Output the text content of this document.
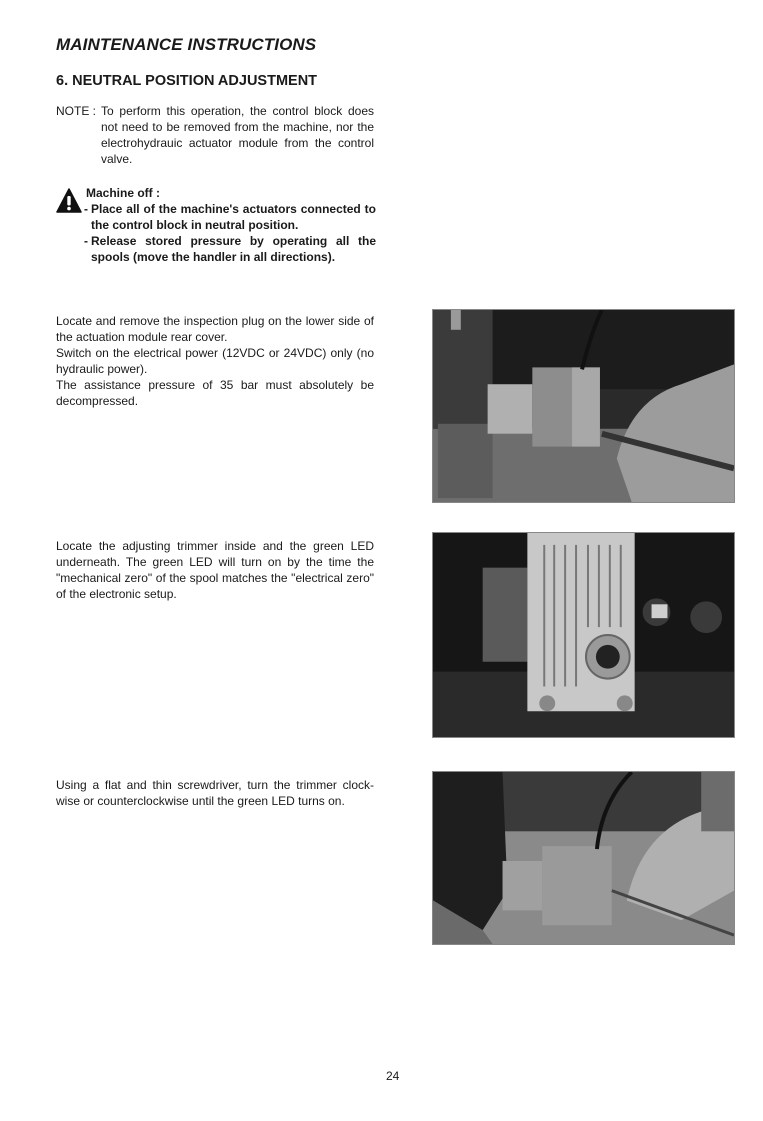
MAINTENANCE INSTRUCTIONS
6. NEUTRAL POSITION ADJUSTMENT
NOTE : To perform this operation, the control block does not need to be removed from the machine, nor the electrohydrauic actuator module from the control valve.
Machine off :
- Place all of the machine's actuators connected to the control block in neutral position.
- Release stored pressure by operating all the spools (move the handler in all directions).

Locate and remove the inspection plug on the lower side of the actuation module rear cover.

Switch on the electrical power (12VDC or 24VDC) only (no hydraulic power).

The assistance pressure of 35 bar must absolutely be decompressed.

Locate the adjusting trimmer inside and the green LED underneath. The green LED will turn on by the time the "mechanical zero" of the spool matches the "electrical zero" of the electronic setup.

Using a flat and thin screwdriver, turn the trimmer clock-wise or counterclockwise until the green LED turns on.

24
